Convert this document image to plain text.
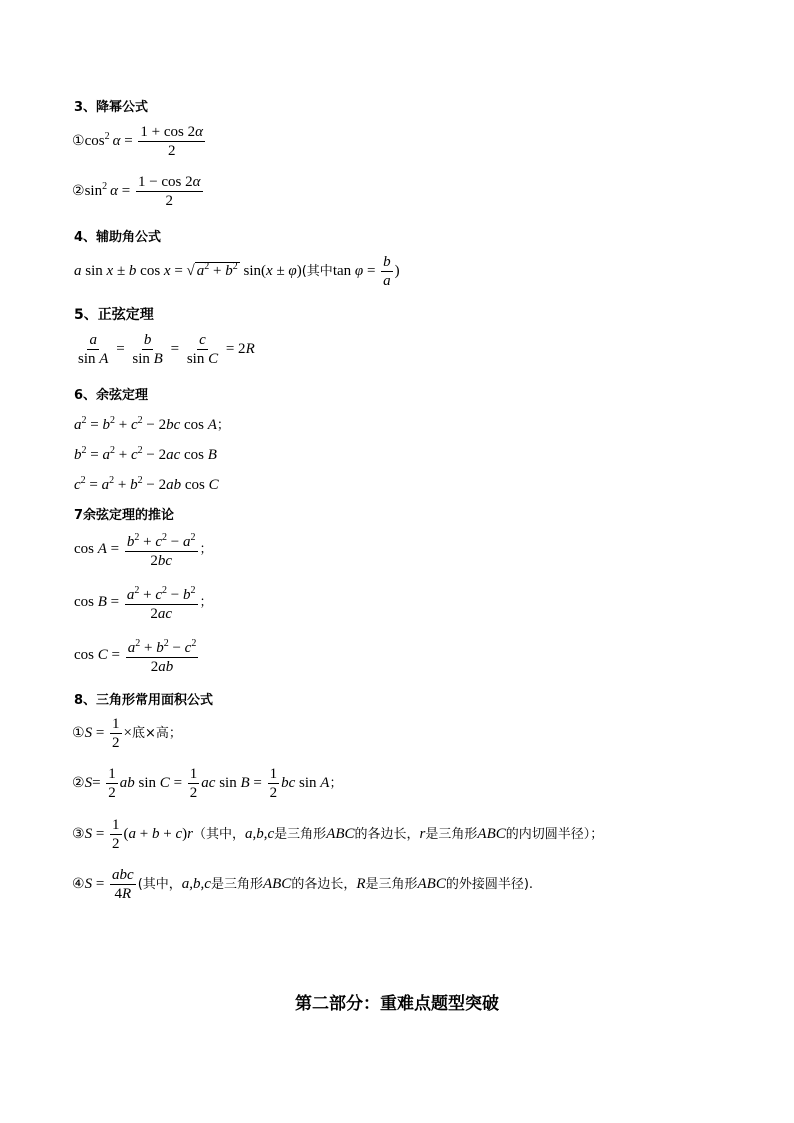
3、降幂公式
$①\cos^2$  $\alpha = \frac{1 + \cos 2\alpha}{2}$
$②\sin^2$  $\alpha = \frac{1 - \cos 2\alpha}{2}$
4、辅助角公式
a sin x ± b cos x = √ $a^2 + b^2$ sin(x ± φ)(其中$\tan \varphi = \frac{b}{a}$ )
5、正弦定理
$\frac{a}{\text{sin A}} = \frac{b}{\text{sin B}} = \frac{c}{\text{sin C}} = 2R$
6、余弦定理
$a^2 = b^2 + c^2 - 2bc$ cos A；
$b^2 = a^2 + c^2 - 2ac$ cos B
$c^2 = a^2 + b^2 - 2ab$ cos C
7余弦定理的推论
$\cos A = \frac{b^2 + c^2 - a^2}{2bc}$ ；
$\cos B = \frac{a^2 + c^2 - b^2}{2ac}$ ；
$\cos C = \frac{a^2 + b^2 - c^2}{2ab}$
8、三角形常用面积公式
①S = $\frac{1}{2}$ ×底×高；
②S= $\frac{1}{2}$ ab $\sin C = \frac{1}{2}$ ac $\sin B = \frac{1}{2}$ bc sin A；
③S = $\frac{1}{2} (a + b + c)r$（其中，a,b,c是三角形ABC的各边长，r是三角形ABC的内切圆半径）；
④S = $\frac{\text{abc}}{4R}$ (其中，a,b,c是三角形ABC的各边长，R是三角形ABC的外接圆半径).
第二部分：重难点题型突破
